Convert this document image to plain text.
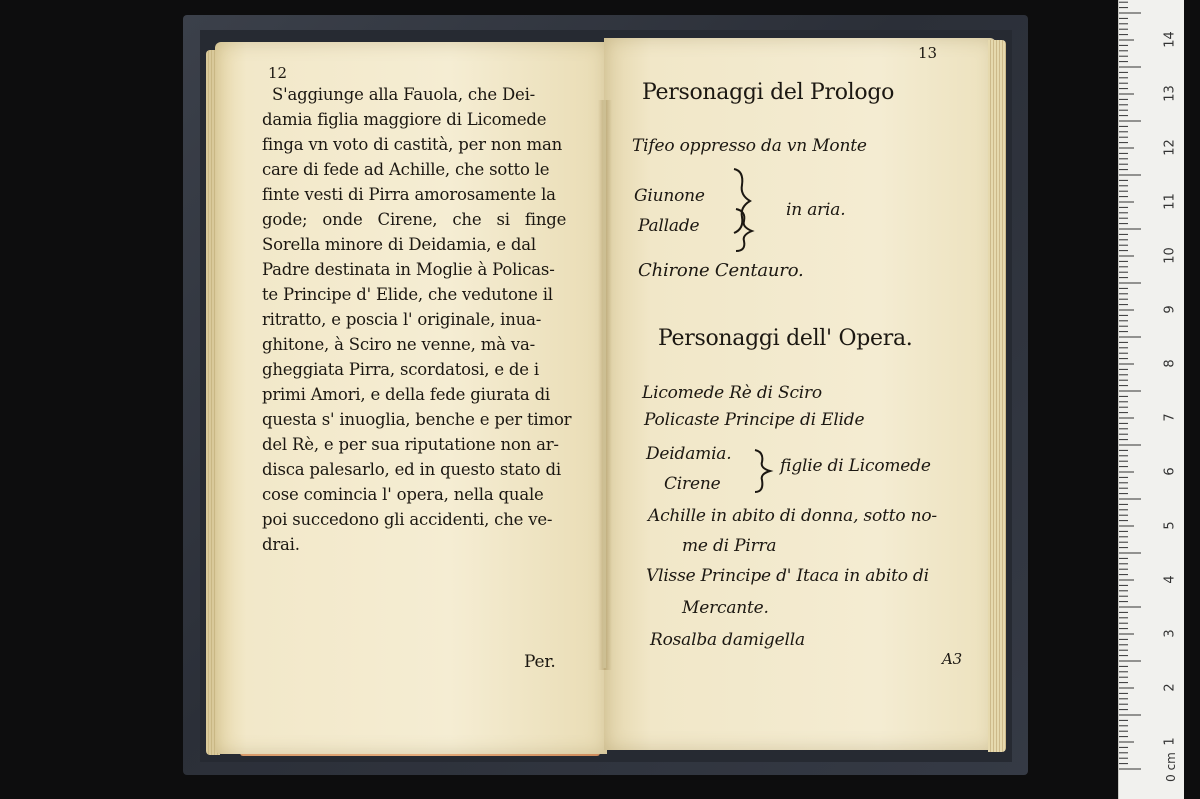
12
S'aggiunge alla Fauola, che Dei-
damia figlia maggiore di Licomede
finga vn voto di castità, per non man
care di fede ad Achille, che sotto le
finte vesti di Pirra amorosamente la
gode; onde Cirene, che si finge
Sorella minore di Deidamia, e dal
Padre destinata in Moglie à Policas-
te Principe d' Elide, che vedutone il
ritratto, e poscia l' originale, inua-
ghitone, à Sciro ne venne, mà va-
gheggiata Pirra, scordatosi, e de i
primi Amori, e della fede giurata di
questa s' inuoglia, benche e per timor
del Rè, e per sua riputatione non ar-
disca palesarlo, ed in questo stato di
cose comincia l' opera, nella quale
poi succedono gli accidenti, che ve-
drai.
Per.
13
Personaggi del Prologo
Tifeo oppresso da vn Monte
Giunone
Pallade
in aria.
Chirone Centauro.
Personaggi dell' Opera.
Licomede Rè di Sciro
Policaste Principe di Elide
Deidamia.
Cirene
figlie di Licomede
Achille in abito di donna, sotto no-
me di Pirra
Vlisse Principe d' Itaca in abito di
Mercante.
Rosalba damigella
A3
0 cm
1
2
3
4
5
6
7
8
9
10
11
12
13
14
